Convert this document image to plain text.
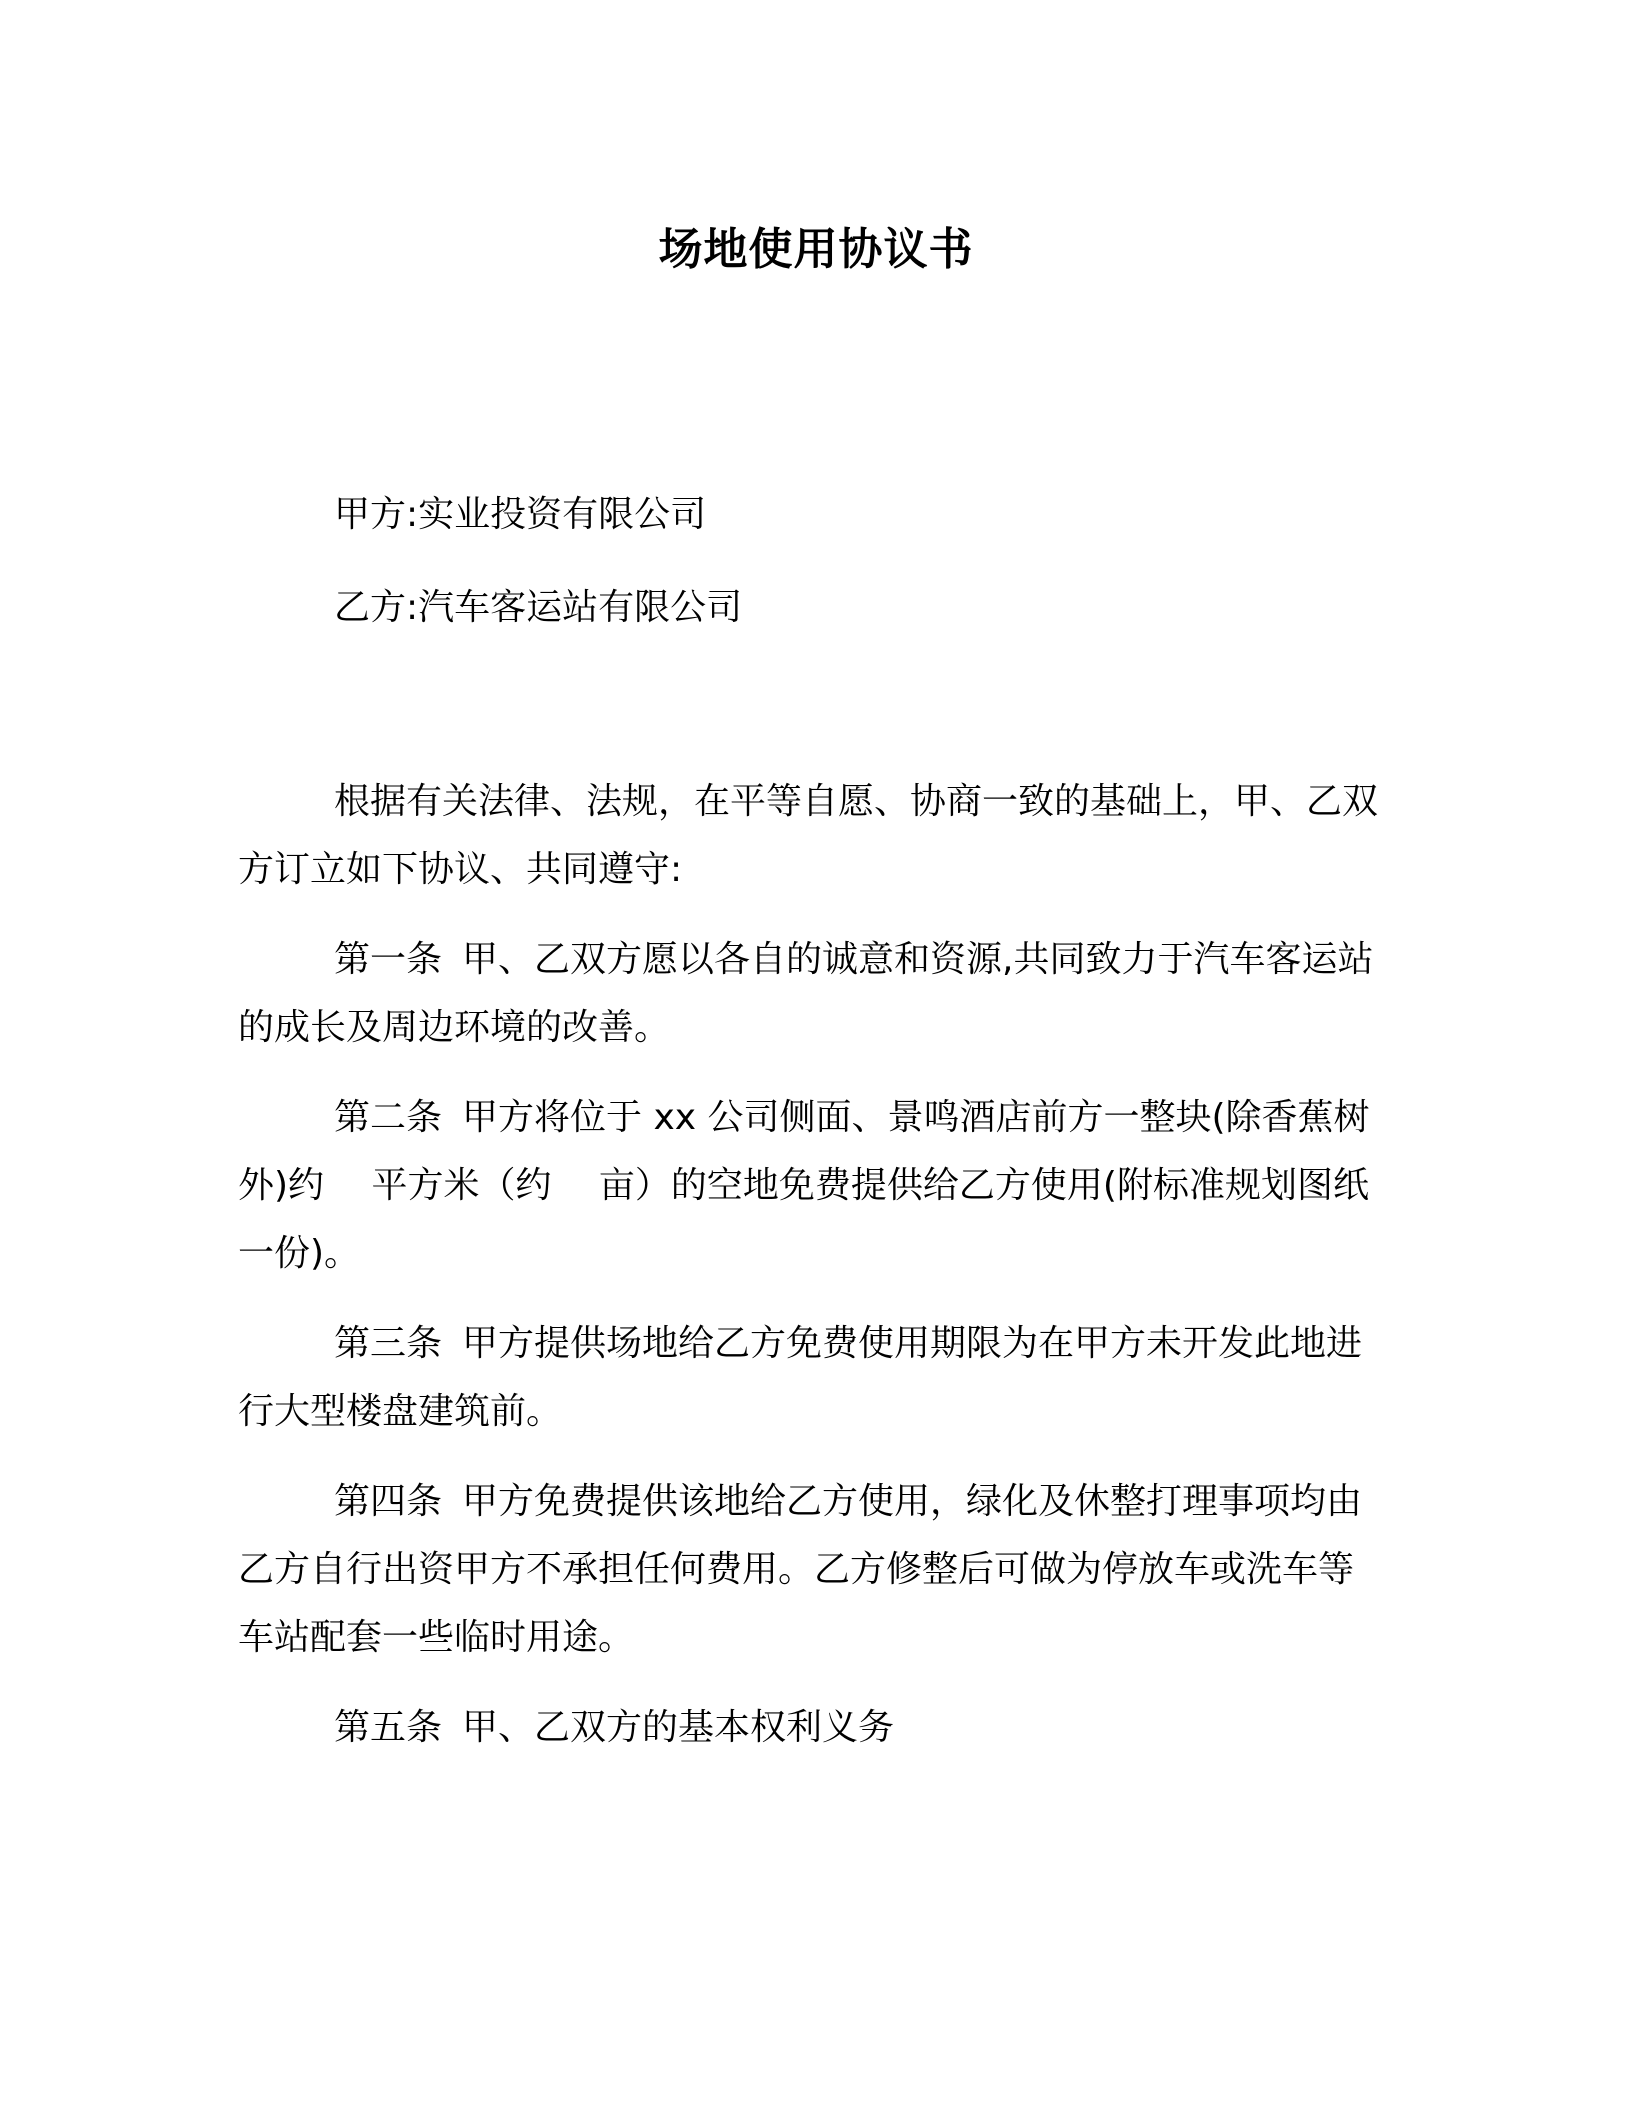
场地使用协议书

甲方:实业投资有限公司

乙方:汽车客运站有限公司

根据有关法律、法规，在平等自愿、协商一致的基础上，甲、乙双方订立如下协议、共同遵守:

第一条 甲、乙双方愿以各自的诚意和资源,共同致力于汽车客运站的成长及周边环境的改善。

第二条 甲方将位于 xx 公司侧面、景鸣酒店前方一整块(除香蕉树外)约　 平方米（约　 亩）的空地免费提供给乙方使用(附标准规划图纸一份)。

第三条 甲方提供场地给乙方免费使用期限为在甲方未开发此地进行大型楼盘建筑前。

第四条 甲方免费提供该地给乙方使用，绿化及休整打理事项均由乙方自行出资甲方不承担任何费用。乙方修整后可做为停放车或洗车等车站配套一些临时用途。

第五条 甲、乙双方的基本权利义务
